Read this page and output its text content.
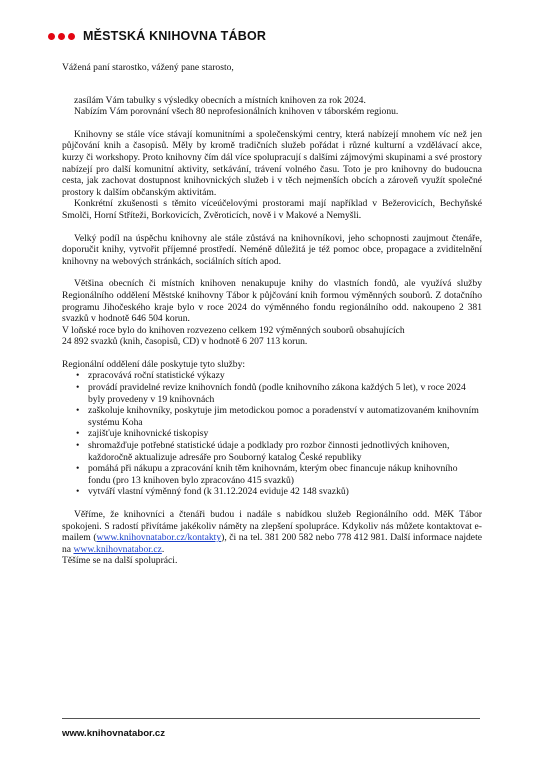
MĚSTSKÁ KNIHOVNA TÁBOR

Vážená paní starostko, vážený pane starosto,

zasílám Vám tabulky s výsledky obecních a místních knihoven za rok 2024.

Nabízím Vám porovnání všech 80 neprofesionálních knihoven v táborském regionu.

Knihovny se stále více stávají komunitními a společenskými centry, která nabízejí mnohem víc než jen půjčování knih a časopisů. Měly by kromě tradičních služeb pořádat i různé kulturní a vzdělávací akce, kurzy či workshopy. Proto knihovny čím dál více spolupracují s dalšími zájmovými skupinami a své prostory nabízejí pro další komunitní aktivity, setkávání, trávení volného času. Toto je pro knihovny do budoucna cesta, jak zachovat dostupnost knihovnických služeb i v těch nejmenších obcích a zároveň využít společné prostory k dalším občanským aktivitám.

Konkrétní zkušenosti s těmito víceúčelovými prostorami mají například v Bežerovicích, Bechyňské Smolči, Horní Stříteži, Borkovicích, Zvěroticích, nově i v Makové a Nemyšli.

Velký podíl na úspěchu knihovny ale stále zůstává na knihovníkovi, jeho schopnosti zaujmout čtenáře, doporučit knihy, vytvořit příjemné prostředí. Neméně důležitá je též pomoc obce, propagace a zviditelnění knihovny na webových stránkách, sociálních sítích apod.

Většina obecních či místních knihoven nenakupuje knihy do vlastních fondů, ale využívá služby Regionálního oddělení Městské knihovny Tábor k půjčování knih formou výměnných souborů. Z dotačního programu Jihočeského kraje bylo v roce 2024 do výměnného fondu regionálního odd. nakoupeno 2 381 svazků v hodnotě 646 504 korun.

V loňské roce bylo do knihoven rozvezeno celkem 192 výměnných souborů obsahujících

24 892 svazků (knih, časopisů, CD) v hodnotě 6 207 113 korun.

Regionální oddělení dále poskytuje tyto služby:

• zpracovává roční statistické výkazy
• provádí pravidelné revize knihovních fondů (podle knihovního zákona každých 5 let), v roce 2024 byly provedeny v 19 knihovnách
• zaškoluje knihovníky, poskytuje jim metodickou pomoc a poradenství v automatizovaném knihovním systému Koha
• zajišťuje knihovnické tiskopisy
• shromažďuje potřebné statistické údaje a podklady pro rozbor činnosti jednotlivých knihoven, každoročně aktualizuje adresáře pro Souborný katalog České republiky
• pomáhá při nákupu a zpracování knih těm knihovnám, kterým obec financuje nákup knihovního fondu (pro 13 knihoven bylo zpracováno 415 svazků)
• vytváří vlastní výměnný fond (k 31.12.2024 eviduje 42 148 svazků)

Věříme, že knihovníci a čtenáři budou i nadále s nabídkou služeb Regionálního odd. MěK Tábor spokojeni. S radostí přivítáme jakékoliv náměty na zlepšení spolupráce. Kdykoliv nás můžete kontaktovat e-mailem (www.knihovnatabor.cz/kontakty), či na tel. 381 200 582 nebo 778 412 981. Další informace najdete na www.knihovnatabor.cz.

Těšíme se na další spolupráci.

www.knihovnatabor.cz
